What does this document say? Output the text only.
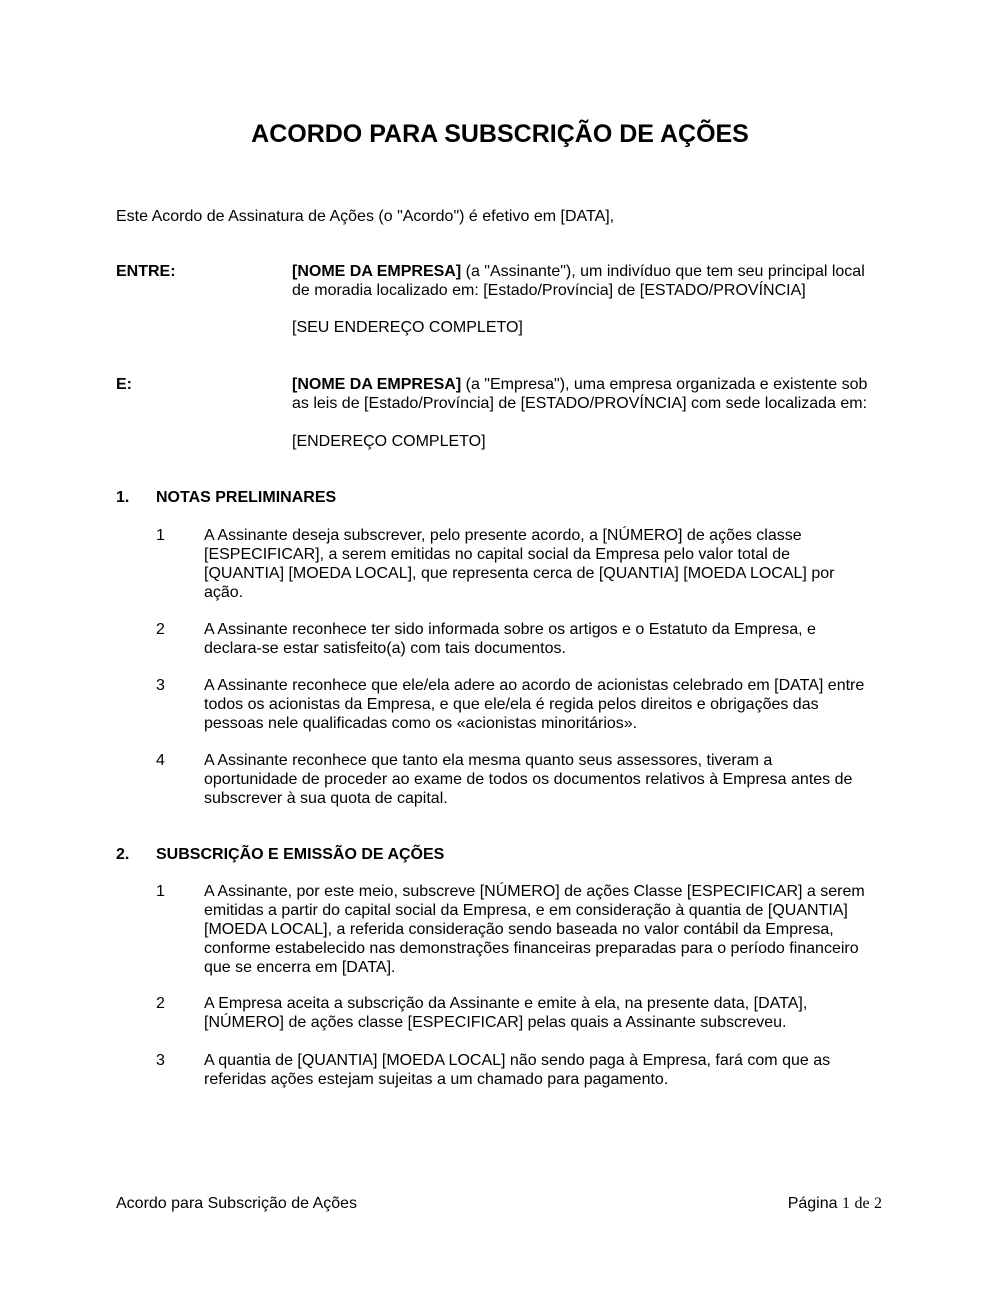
ACORDO PARA SUBSCRIÇÃO DE AÇÕES
Este Acordo de Assinatura de Ações (o "Acordo") é efetivo em [DATA],
ENTRE:	[NOME DA EMPRESA] (a "Assinante"), um indivíduo que tem seu principal local
de moradia localizado em: [Estado/Província] de [ESTADO/PROVÍNCIA]
[SEU ENDEREÇO COMPLETO]
E:	[NOME DA EMPRESA] (a "Empresa"), uma empresa organizada e existente sob
as leis de [Estado/Província] de [ESTADO/PROVÍNCIA] com sede localizada em:
[ENDEREÇO COMPLETO]
1. NOTAS PRELIMINARES
1 A Assinante deseja subscrever, pelo presente acordo, a [NÚMERO] de ações classe
[ESPECIFICAR], a serem emitidas no capital social da Empresa pelo valor total de
[QUANTIA] [MOEDA LOCAL], que representa cerca de [QUANTIA] [MOEDA LOCAL] por
ação.
2 A Assinante reconhece ter sido informada sobre os artigos e o Estatuto da Empresa, e
declara-se estar satisfeito(a) com tais documentos.
3 A Assinante reconhece que ele/ela adere ao acordo de acionistas celebrado em [DATA] entre
todos os acionistas da Empresa, e que ele/ela é regida pelos direitos e obrigações das
pessoas nele qualificadas como os «acionistas minoritários».
4 A Assinante reconhece que tanto ela mesma quanto seus assessores, tiveram a
oportunidade de proceder ao exame de todos os documentos relativos à Empresa antes de
subscrever à sua quota de capital.
2. SUBSCRIÇÃO E EMISSÃO DE AÇÕES
1 A Assinante, por este meio, subscreve [NÚMERO] de ações Classe [ESPECIFICAR] a serem
emitidas a partir do capital social da Empresa, e em consideração à quantia de [QUANTIA]
[MOEDA LOCAL], a referida consideração sendo baseada no valor contábil da Empresa,
conforme estabelecido nas demonstrações financeiras preparadas para o período financeiro
que se encerra em [DATA].
2 A Empresa aceita a subscrição da Assinante e emite à ela, na presente data, [DATA],
[NÚMERO] de ações classe [ESPECIFICAR] pelas quais a Assinante subscreveu.
3 A quantia de [QUANTIA] [MOEDA LOCAL] não sendo paga à Empresa, fará com que as
referidas ações estejam sujeitas a um chamado para pagamento.
Acordo para Subscrição de Ações	Página 1 de 2
